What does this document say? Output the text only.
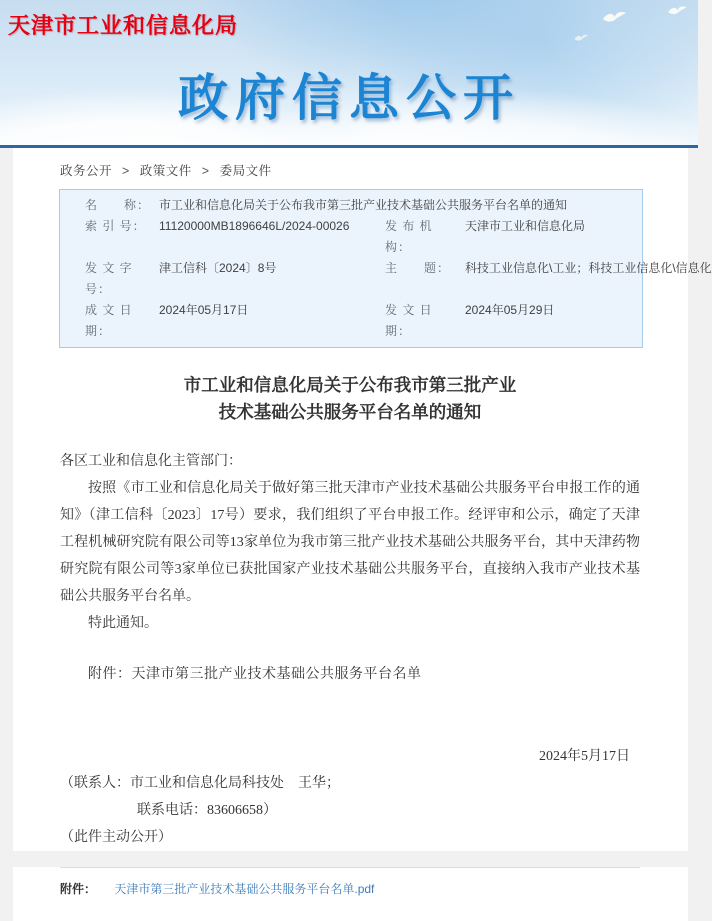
天津市工业和信息化局
政府信息公开
政务公开 > 政策文件 > 委局文件
名　　称： 市工业和信息化局关于公布我市第三批产业技术基础公共服务平台名单的通知
索 引 号：	11120000MB1896646L/2024-00026	发 布 机 构：
天津市工业和信息化局
发 文 字 号：
津工信科〔2024〕8号	主　　题：	科技工业信息化\工业；科技工业信息化\信息化
成 文 日 期：
2024年05月17日	发 文 日 期：
2024年05月29日
市工业和信息化局关于公布我市第三批产业
技术基础公共服务平台名单的通知

各区工业和信息化主管部门：

按照《市工业和信息化局关于做好第三批天津市产业技术基础公共服务平台申报工作的通知》（津工信科〔2023〕17号）要求，我们组织了平台申报工作。经评审和公示，确定了天津工程机械研究院有限公司等13家单位为我市第三批产业技术基础公共服务平台，其中天津药物研究院有限公司等3家单位已获批国家产业技术基础公共服务平台，直接纳入我市产业技术基础公共服务平台名单。

特此通知。

附件：天津市第三批产业技术基础公共服务平台名单

2024年5月17日

（联系人：市工业和信息化局科技处　王华；

联系电话：83606658）

（此件主动公开）

附件： 天津市第三批产业技术基础公共服务平台名单.pdf
